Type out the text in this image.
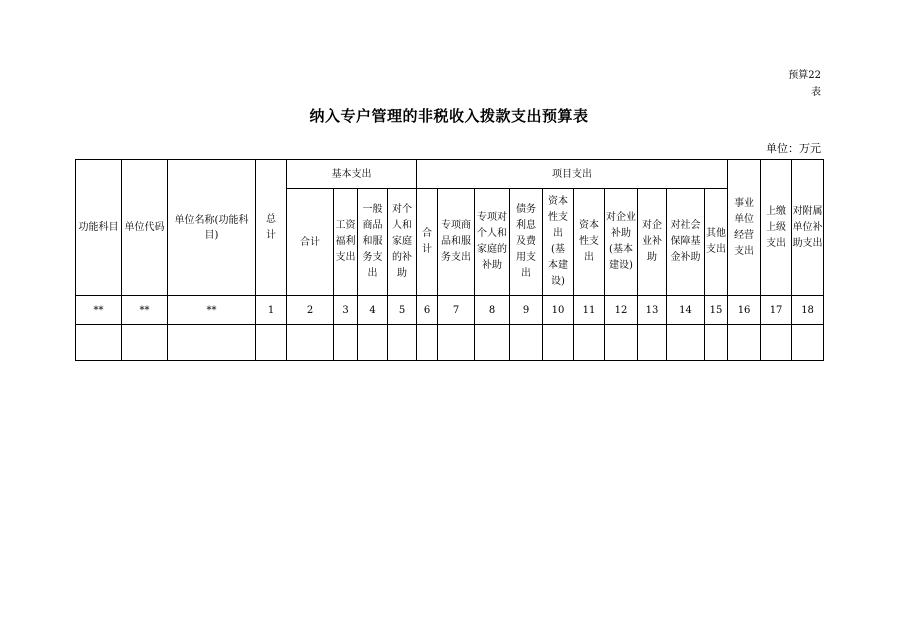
预算22
表
纳入专户管理的非税收入拨款支出预算表
单位：万元
功能科目	单位代码	单位名称(功能科目)	总计	基本支出				项目支出										事业单位经营支出	上缴上级支出	对附属单位补助支出
				合计	工资福利支出	一般商品和服务支出	对个人和家庭的补助	合计	专项商品和服务支出	专项对个人和家庭的补助	债务利息及费用支出	资本性支出(基本建设)	资本性支出	对企业补助(基本建设)	对企业补助	对社会保障基金补助	其他支出			
**	**	**	1	2	3	4	5	6	7	8	9	10	11	12	13	14	15	16	17	18
